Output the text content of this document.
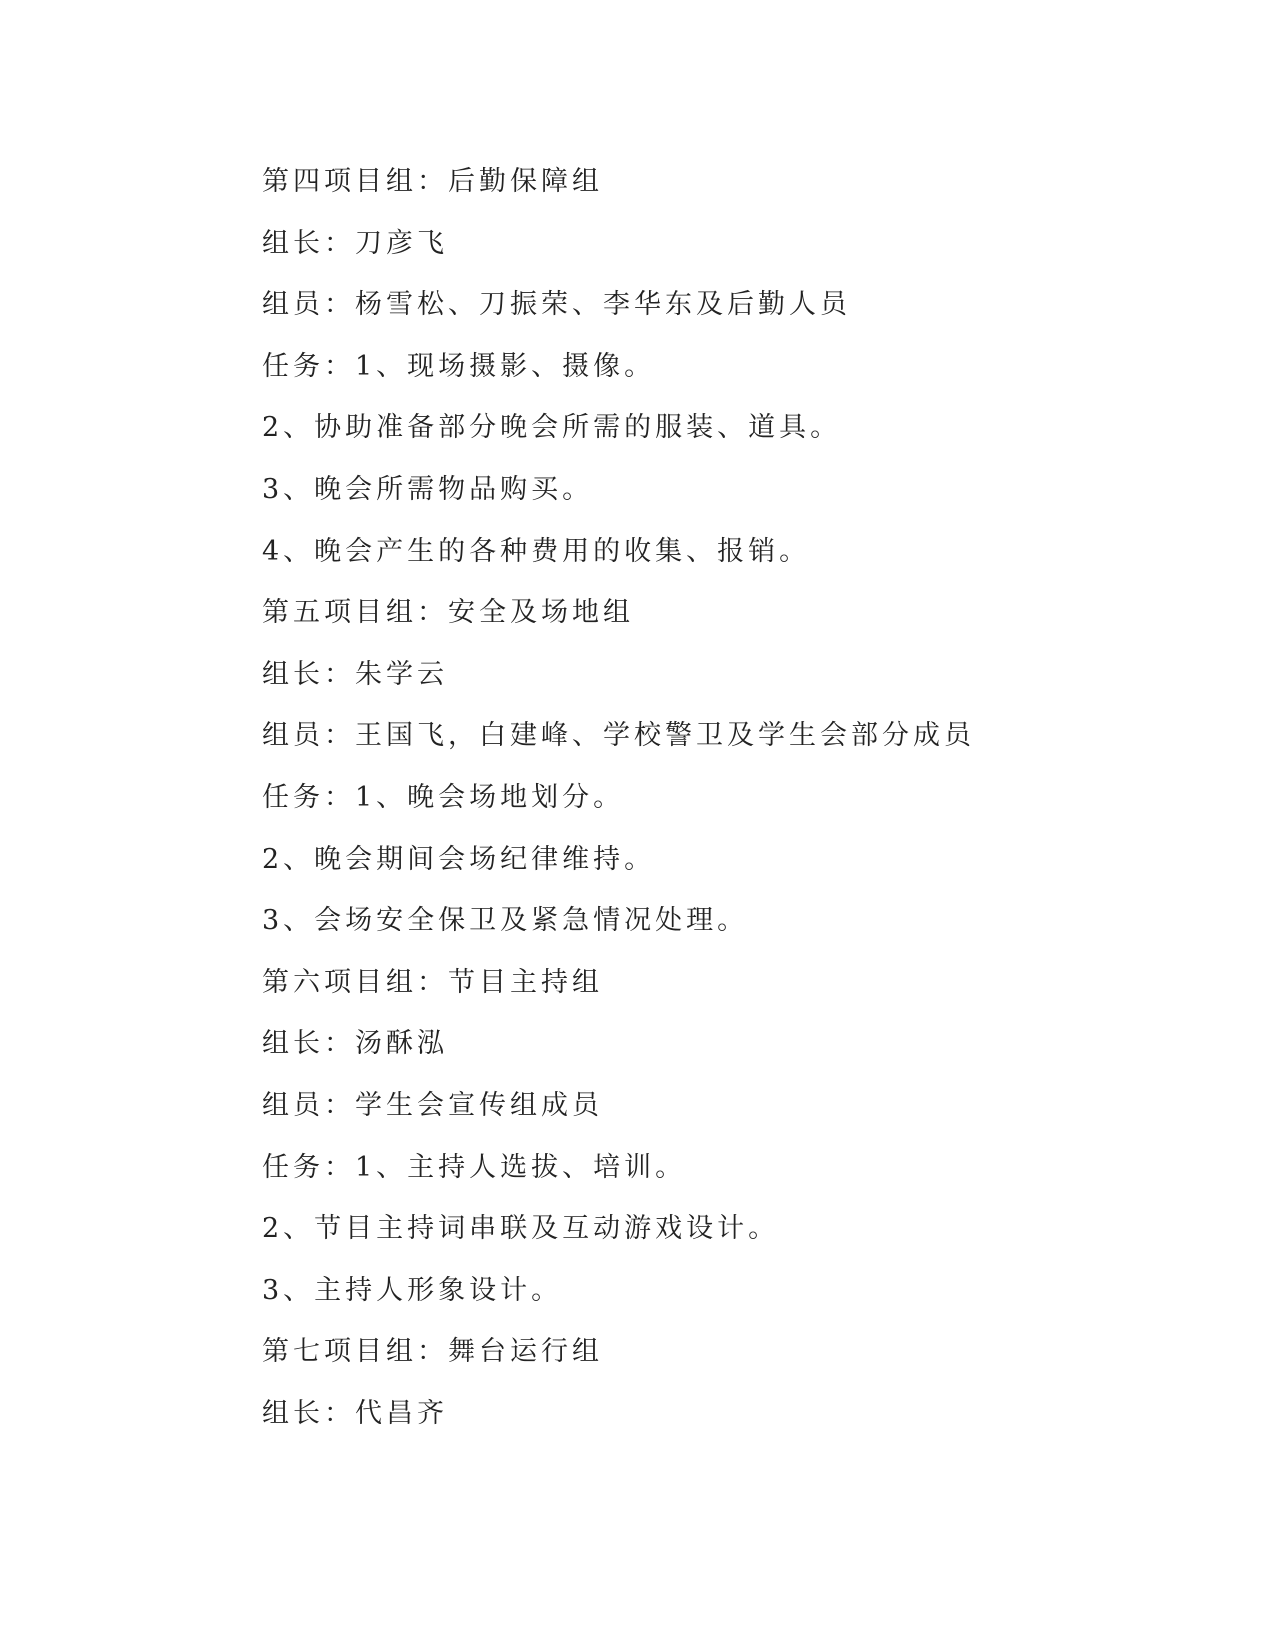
第四项目组：后勤保障组
组长：刀彦飞
组员：杨雪松、刀振荣、李华东及后勤人员
任务：1、现场摄影、摄像。
2、协助准备部分晚会所需的服装、道具。
3、晚会所需物品购买。
4、晚会产生的各种费用的收集、报销。
第五项目组：安全及场地组
组长：朱学云
组员：王国飞，白建峰、学校警卫及学生会部分成员
任务：1、晚会场地划分。
2、晚会期间会场纪律维持。
3、会场安全保卫及紧急情况处理。
第六项目组：节目主持组
组长：汤酥泓
组员：学生会宣传组成员
任务：1、主持人选拔、培训。
2、节目主持词串联及互动游戏设计。
3、主持人形象设计。
第七项目组：舞台运行组
组长：代昌齐
